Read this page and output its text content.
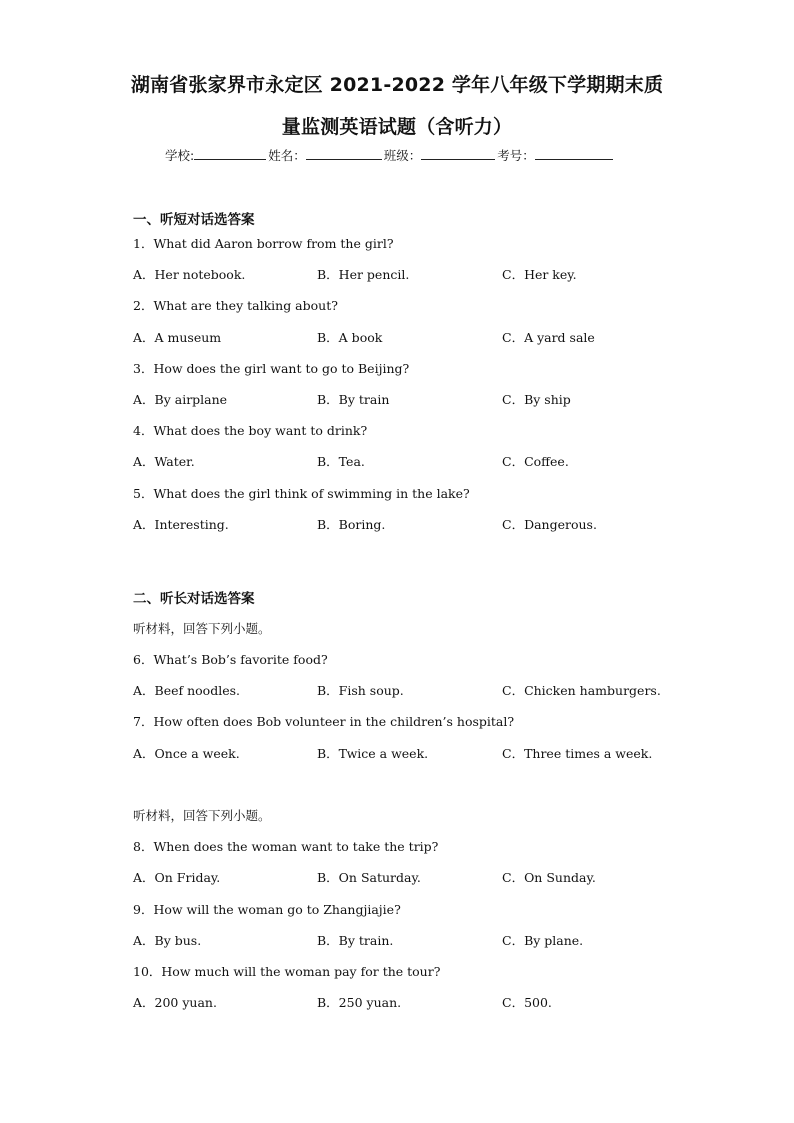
湖南省张家界市永定区 2021-2022 学年八年级下学期期末质
量监测英语试题（含听力）
学校:	姓名：	班级：	考号：
一、听短对话选答案
1．What did Aaron borrow from the girl?
A．Her notebook.	B．Her pencil.	C．Her key.
2．What are they talking about?
A．A museum	B．A book	C．A yard sale
3．How does the girl want to go to Beijing?
A．By airplane	B．By train	C．By ship
4．What does the boy want to drink?
A．Water.	B．Tea.	C．Coffee.
5．What does the girl think of swimming in the lake?
A．Interesting.	B．Boring.	C．Dangerous.
二、听长对话选答案
听材料，回答下列小题。
6．What’s Bob’s favorite food?
A．Beef noodles.	B．Fish soup.	C．Chicken hamburgers.
7．How often does Bob volunteer in the children’s hospital?
A．Once a week.	B．Twice a week.	C．Three times a week.
听材料，回答下列小题。
8．When does the woman want to take the trip?
A．On Friday.	B．On Saturday.	C．On Sunday.
9．How will the woman go to Zhangjiajie?
A．By bus.	B．By train.	C．By plane.
10．How much will the woman pay for the tour?
A．200 yuan.	B．250 yuan.	C．500.
